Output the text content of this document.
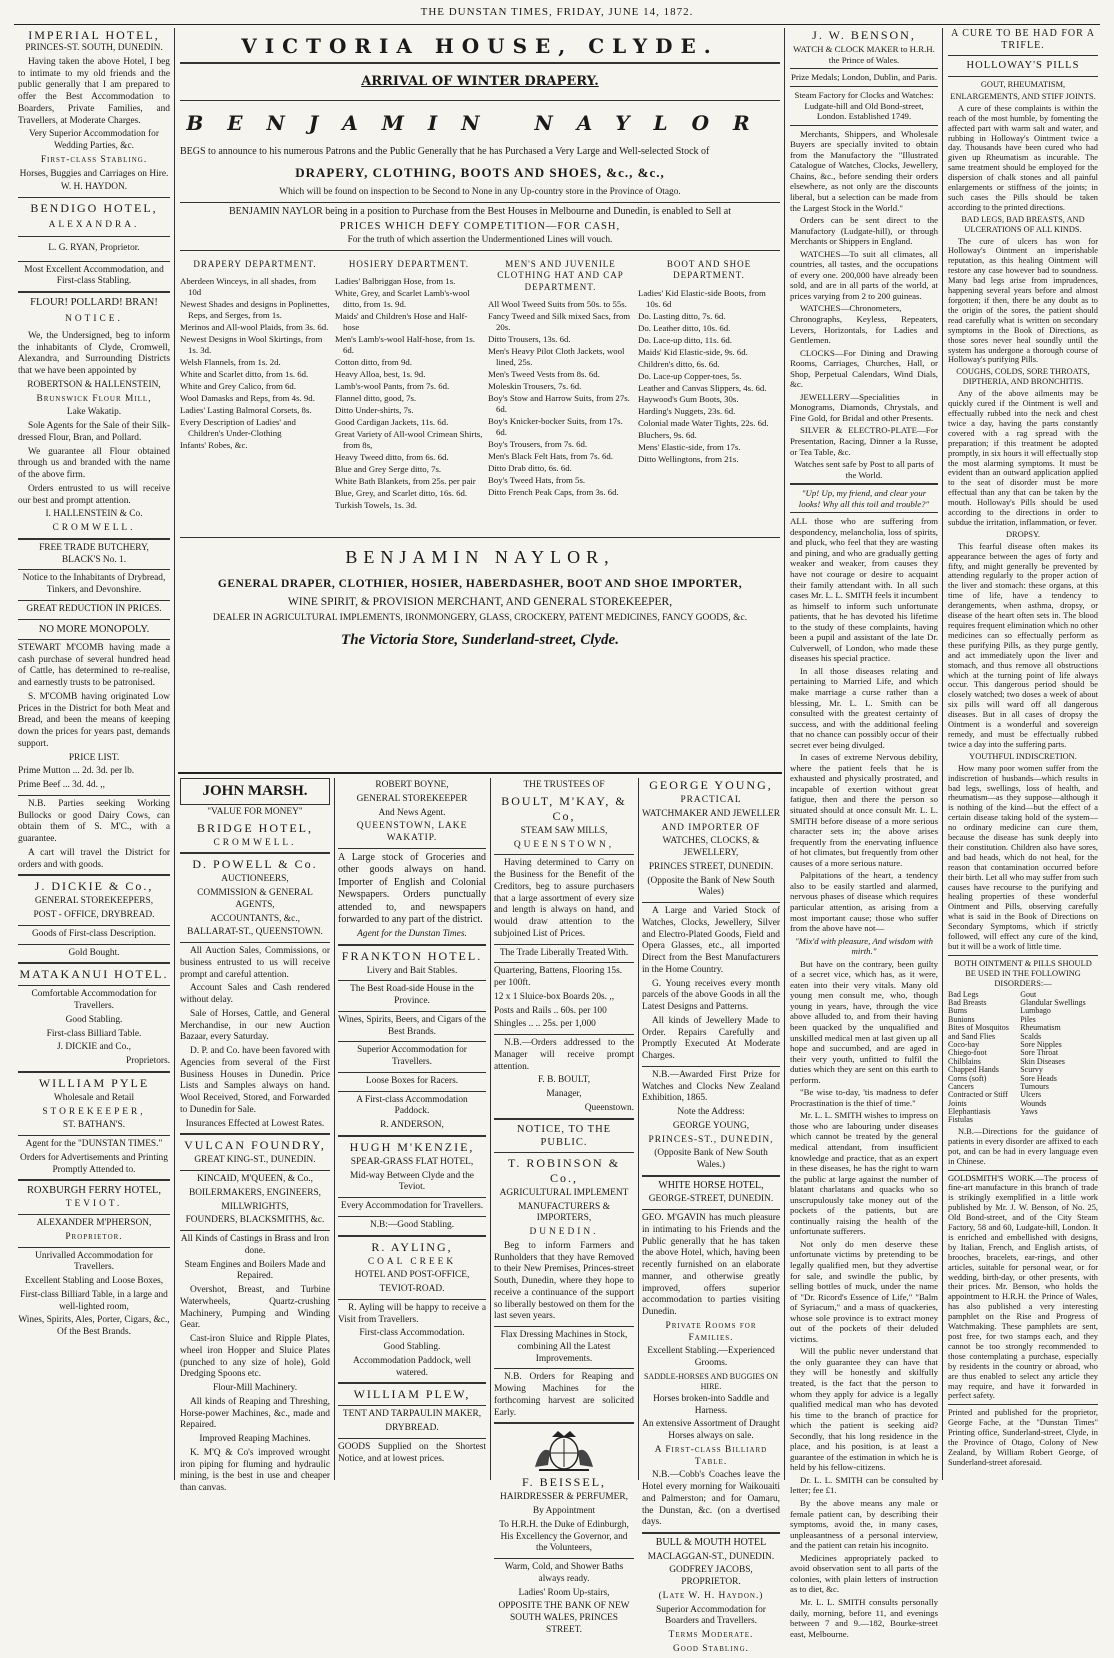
THE DUNSTAN TIMES, FRIDAY, JUNE 14, 1872.
IMPERIAL HOTEL,
PRINCES-ST. SOUTH, DUNEDIN.

Having taken the above Hotel, I beg to intimate to my old friends and the public generally that I am prepared to offer the Best Accommodation to Boarders, Private Families, and Travellers, at Moderate Charges.

Very Superior Accommodation for Wedding Parties, &c.

First-class Stabling.

Horses, Buggies and Carriages on Hire.

W. H. HAYDON.

BENDIGO HOTEL,
ALEXANDRA.

L. G. RYAN, Proprietor.

Most Excellent Accommodation, and First-class Stabling.

FLOUR! POLLARD! BRAN!
NOTICE.

We, the Undersigned, beg to inform the inhabitants of Clyde, Cromwell, Alexandra, and Surrounding Districts that we have been appointed by

ROBERTSON & HALLENSTEIN,

Brunswick Flour Mill,

Lake Wakatip.

Sole Agents for the Sale of their Silk-dressed Flour, Bran, and Pollard.

We guarantee all Flour obtained through us and branded with the name of the above firm.

Orders entrusted to us will receive our best and prompt attention.

I. HALLENSTEIN & Co.

CROMWELL.

FREE TRADE BUTCHERY,
BLACK'S No. 1.

Notice to the Inhabitants of Drybread, Tinkers, and Devonshire.

GREAT REDUCTION IN PRICES.

NO MORE MONOPOLY.

STEWART M'COMB having made a cash purchase of several hundred head of Cattle, has determined to re-realise, and earnestly trusts to be patronised.

S. M'COMB having originated Low Prices in the District for both Meat and Bread, and been the means of keeping down the prices for years past, demands support.

PRICE LIST.

Prime Mutton ... 2d. 3d. per lb.

Prime Beef ... 3d. 4d. ,,

N.B. Parties seeking Working Bullocks or good Dairy Cows, can obtain them of S. M'C., with a guarantee.

A cart will travel the District for orders and with goods.

J. DICKIE & Co.,

GENERAL STOREKEEPERS,

POST - OFFICE, DRYBREAD.

Goods of First-class Description.

Gold Bought.

MATAKANUI HOTEL.

Comfortable Accommodation for Travellers.

Good Stabling.

First-class Billiard Table.

J. DICKIE and Co.,

Proprietors.

WILLIAM PYLE

Wholesale and Retail

STOREKEEPER,

ST. BATHAN'S.

Agent for the "DUNSTAN TIMES."

Orders for Advertisements and Printing Promptly Attended to.

ROXBURGH FERRY HOTEL,

TEVIOT.

ALEXANDER M'PHERSON,

Proprietor.

Unrivalled Accommodation for Travellers.

Excellent Stabling and Loose Boxes,

First-class Billiard Table, in a large and well-lighted room,

Wines, Spirits, Ales, Porter, Cigars, &c., Of the Best Brands.

VICTORIA HOUSE, CLYDE.
ARRIVAL OF WINTER DRAPERY.
BENJAMIN NAYLOR

BEGS to announce to his numerous Patrons and the Public Generally that he has Purchased a Very Large and Well-selected Stock of

DRAPERY, CLOTHING, BOOTS AND SHOES, &c., &c.,

Which will be found on inspection to be Second to None in any Up-country store in the Province of Otago.

BENJAMIN NAYLOR being in a position to Purchase from the Best Houses in Melbourne and Dunedin, is enabled to Sell at

PRICES WHICH DEFY COMPETITION—FOR CASH,

For the truth of which assertion the Undermentioned Lines will vouch.

DRAPERY DEPARTMENT.
Aberdeen Winceys, in all shades, from 10d
Newest Shades and designs in Poplinettes, Reps, and Serges, from 1s.
Merinos and All-wool Plaids, from 3s. 6d.
Newest Designs in Wool Skirtings, from 1s. 3d.
Welsh Flannels, from 1s. 2d.
White and Scarlet ditto, from 1s. 6d.
White and Grey Calico, from 6d.
Wool Damasks and Reps, from 4s. 9d.
Ladies' Lasting Balmoral Corsets, 8s.
Every Description of Ladies' and Children's Under-Clothing
Infants' Robes, &c.
HOSIERY DEPARTMENT.
Ladies' Balbriggan Hose, from 1s.
White, Grey, and Scarlet Lamb's-wool ditto, from 1s. 9d.
Maids' and Children's Hose and Half-hose
Men's Lamb's-wool Half-hose, from 1s. 6d.
Cotton ditto, from 9d.
Heavy Alloa, best, 1s. 9d.
Lamb's-wool Pants, from 7s. 6d.
Flannel ditto, good, 7s.
Ditto Under-shirts, 7s.
Good Cardigan Jackets, 11s. 6d.
Great Variety of All-wool Crimean Shirts, from 8s,
Heavy Tweed ditto, from 6s. 6d.
Blue and Grey Serge ditto, 7s.
White Bath Blankets, from 25s. per pair
Blue, Grey, and Scarlet ditto, 16s. 6d.
Turkish Towels, 1s. 3d.
MEN'S AND JUVENILE CLOTHING HAT AND CAP DEPARTMENT.
All Wool Tweed Suits from 50s. to 55s.
Fancy Tweed and Silk mixed Sacs, from 20s.
Ditto Trousers, 13s. 6d.
Men's Heavy Pilot Cloth Jackets, wool lined, 25s.
Men's Tweed Vests from 8s. 6d.
Moleskin Trousers, 7s. 6d.
Boy's Stow and Harrow Suits, from 27s. 6d.
Boy's Knicker-bocker Suits, from 17s. 6d.
Boy's Trousers, from 7s. 6d.
Men's Black Felt Hats, from 7s. 6d.
Ditto Drab ditto, 6s. 6d.
Boy's Tweed Hats, from 5s.
Ditto French Peak Caps, from 3s. 6d.
BOOT AND SHOE DEPARTMENT.
Ladies' Kid Elastic-side Boots, from 10s. 6d
Do. Lasting ditto, 7s. 6d.
Do. Leather ditto, 10s. 6d.
Do. Lace-up ditto, 11s. 6d.
Maids' Kid Elastic-side, 9s. 6d.
Children's ditto, 6s. 6d.
Do. Lace-up Copper-toes, 5s.
Leather and Canvas Slippers, 4s. 6d.
Haywood's Gum Boots, 30s.
Harding's Nuggets, 23s. 6d.
Colonial made Water Tights, 22s. 6d.
Bluchers, 9s. 6d.
Mens' Elastic-side, from 17s.
Ditto Wellingtons, from 21s.
BENJAMIN NAYLOR,
GENERAL DRAPER, CLOTHIER, HOSIER, HABERDASHER, BOOT AND SHOE IMPORTER,
WINE SPIRIT, & PROVISION MERCHANT, AND GENERAL STOREKEEPER,
DEALER IN AGRICULTURAL IMPLEMENTS, IRONMONGERY, GLASS, CROCKERY, PATENT MEDICINES, FANCY GOODS, &c.
The Victoria Store, Sunderland-street, Clyde.
JOHN MARSH.

"VALUE FOR MONEY"

BRIDGE HOTEL,

CROMWELL.

D. POWELL & Co.

AUCTIONEERS,

COMMISSION & GENERAL AGENTS,

ACCOUNTANTS, &c.,

BALLARAT-ST., QUEENSTOWN.

All Auction Sales, Commissions, or business entrusted to us will receive prompt and careful attention.

Account Sales and Cash rendered without delay.

Sale of Horses, Cattle, and General Merchandise, in our new Auction Bazaar, every Saturday.

D. P. and Co. have been favored with Agencies from several of the First Business Houses in Dunedin. Price Lists and Samples always on hand. Wool Received, Stored, and Forwarded to Dunedin for Sale.

Insurances Effected at Lowest Rates.

VULCAN FOUNDRY,

GREAT KING-ST., DUNEDIN.

KINCAID, M'QUEEN, & Co.,

BOILERMAKERS, ENGINEERS,

MILLWRIGHTS,

FOUNDERS, BLACKSMITHS, &c.

All Kinds of Castings in Brass and Iron done.

Steam Engines and Boilers Made and Repaired.

Overshot, Breast, and Turbine Waterwheels, Quartz-crushing Machinery, Pumping and Winding Gear.

Cast-iron Sluice and Ripple Plates, wheel iron Hopper and Sluice Plates (punched to any size of hole), Gold Dredging Spoons etc.

Flour-Mill Machinery.

All kinds of Reaping and Threshing, Horse-power Machines, &c., made and Repaired.

Improved Reaping Machines.

K. M'Q & Co's improved wrought iron piping for fluming and hydraulic mining, is the best in use and cheaper than canvas.

ROBERT BOYNE,

GENERAL STOREKEEPER

And News Agent.

QUEENSTOWN, LAKE WAKATIP.

A Large stock of Groceries and other goods always on hand. Importer of English and Colonial Newspapers. Orders punctually attended to, and newspapers forwarded to any part of the district.

Agent for the Dunstan Times.

FRANKTON HOTEL.

Livery and Bait Stables.

The Best Road-side House in the Province.

Wines, Spirits, Beers, and Cigars of the Best Brands.

Superior Accommodation for Travellers.

Loose Boxes for Racers.

A First-class Accommodation Paddock.

R. ANDERSON,

HUGH M'KENZIE,

SPEAR-GRASS FLAT HOTEL,

Mid-way Between Clyde and the Teviot.

Every Accommodation for Travellers.

N.B:—Good Stabling.

R. AYLING,

COAL CREEK

HOTEL AND POST-OFFICE,

TEVIOT-ROAD.

R. Ayling will be happy to receive a Visit from Travellers.

First-class Accommodation.

Good Stabling.

Accommodation Paddock, well watered.

WILLIAM PLEW,

TENT AND TARPAULIN MAKER,

DRYBREAD.

GOODS Supplied on the Shortest Notice, and at lowest prices.

THE TRUSTEES OF

BOULT, M'KAY, & Co,

STEAM SAW MILLS,

QUEENSTOWN,

Having determined to Carry on the Business for the Benefit of the Creditors, beg to assure purchasers that a large assortment of every size and length is always on hand, and would draw attention to the subjoined List of Prices.

The Trade Liberally Treated With.

Quartering, Battens, Flooring 15s. per 100ft.

12 x 1 Sluice-box Boards 20s. ,,

Posts and Rails .. 60s. per 100

Shingles .. .. 25s. per 1,000

N.B.—Orders addressed to the Manager will receive prompt attention.

F. B. BOULT,

Manager,

Queenstown.

NOTICE, TO THE PUBLIC.
T. ROBINSON & Co.,

AGRICULTURAL IMPLEMENT

MANUFACTURERS & IMPORTERS,

DUNEDIN.

Beg to inform Farmers and Runholders that they have Removed to their New Premises, Princes-street South, Dunedin, where they hope to receive a continuance of the support so liberally bestowed on them for the last seven years.

Flax Dressing Machines in Stock, combining All the Latest Improvements.

N.B. Orders for Reaping and Mowing Machines for the forthcoming harvest are solicited Early.

F. BEISSEL,

HAIRDRESSER & PERFUMER,

By Appointment

To H.R.H. the Duke of Edinburgh, His Excellency the Governor, and the Volunteers,

Warm, Cold, and Shower Baths always ready.

Ladies' Room Up-stairs,

OPPOSITE THE BANK OF NEW SOUTH WALES, PRINCES STREET.

GEORGE YOUNG,

PRACTICAL

WATCHMAKER AND JEWELLER

AND IMPORTER OF

WATCHES, CLOCKS, & JEWELLERY,

PRINCES STREET, DUNEDIN.

(Opposite the Bank of New South Wales)

A Large and Varied Stock of Watches, Clocks, Jewellery, Silver and Electro-Plated Goods, Field and Opera Glasses, etc., all imported Direct from the Best Manufacturers in the Home Country.

G. Young receives every month parcels of the above Goods in all the Latest Designs and Patterns.

All kinds of Jewellery Made to Order. Repairs Carefully and Promptly Executed At Moderate Charges.

N.B.—Awarded First Prize for Watches and Clocks New Zealand Exhibition, 1865.

Note the Address:

GEORGE YOUNG,

PRINCES-ST., DUNEDIN,

(Opposite Bank of New South Wales.)

WHITE HORSE HOTEL,

GEORGE-STREET, DUNEDIN.

GEO. M'GAVIN has much pleasure in intimating to his Friends and the Public generally that he has taken the above Hotel, which, having been recently furnished on an elaborate manner, and otherwise greatly improved, offers superior accommodation to parties visiting Dunedin.

Private Rooms for Families.

Excellent Stabling.—Experienced Grooms.

SADDLE-HORSES AND BUGGIES ON HIRE.

Horses broken-into Saddle and Harness.

An extensive Assortment of Draught Horses always on sale.

A First-class Billiard Table.

N.B.—Cobb's Coaches leave the Hotel every morning for Waikouaiti and Palmerston; and for Oamaru, the Dunstan, &c. (on a dvertised days.

BULL & MOUTH HOTEL

MACLAGGAN-ST., DUNEDIN.

GODFREY JACOBS, PROPRIETOR.

(Late W. H. Haydon.)

Superior Accommodation for Boarders and Travellers.

Terms Moderate.

Good Stabling.

J. W. BENSON,

WATCH & CLOCK MAKER to H.R.H. the Prince of Wales.

Prize Medals; London, Dublin, and Paris.

Steam Factory for Clocks and Watches: Ludgate-hill and Old Bond-street, London. Established 1749.

Merchants, Shippers, and Wholesale Buyers are specially invited to obtain from the Manufactory the "Illustrated Catalogue of Watches, Clocks, Jewellery, Chains, &c., before sending their orders elsewhere, as not only are the discounts liberal, but a selection can be made from the Largest Stock in the World."

Orders can be sent direct to the Manufactory (Ludgate-hill), or through Merchants or Shippers in England.

WATCHES—To suit all climates, all countries, all tastes, and the occupations of every one. 200,000 have already been sold, and are in all parts of the world, at prices varying from 2 to 200 guineas.

WATCHES—Chronometers, Chronographs, Keyless, Repeaters, Levers, Horizontals, for Ladies and Gentlemen.

CLOCKS—For Dining and Drawing Rooms, Carriages, Churches, Hall, or Shop, Perpetual Calendars, Wind Dials, &c.

JEWELLERY—Specialities in Monograms, Diamonds, Chrystals, and Fine Gold, for Bridal and other Presents.

SILVER & ELECTRO-PLATE—For Presentation, Racing, Dinner a la Russe, or Tea Table, &c.

Watches sent safe by Post to all parts of the World.

"Up! Up, my friend, and clear your looks! Why all this toil and trouble?"

ALL those who are suffering from despondency, melancholia, loss of spirits, and pluck, who feel that they are wasting and pining, and who are gradually getting weaker and weaker, from causes they have not courage or desire to acquaint their family attendant with. In all such cases Mr. L. L. SMITH feels it incumbent as himself to inform such unfortunate patients, that he has devoted his lifetime to the study of these complaints, having been a pupil and assistant of the late Dr. Culverwell, of London, who made these diseases his special practice.

In all those diseases relating and pertaining to Married Life, and which make marriage a curse rather than a blessing, Mr. L. L. Smith can be consulted with the greatest certainty of success, and with the additional feeling that no chance can possibly occur of their secret ever being divulged.

In cases of extreme Nervous debility, where the patient feels that he is exhausted and physically prostrated, and incapable of exertion without great fatigue, then and there the person so situated should at once consult Mr. L. L. SMITH before disease of a more serious character sets in; the above arises frequently from the enervating influence of hot climates, but frequently from other causes of a more serious nature.

Palpitations of the heart, a tendency also to be easily startled and alarmed, nervous phases of disease which requires particular attention, as arising from a most important cause; those who suffer from the above have not—

"Mix'd with pleasure, And wisdom with mirth."

But have on the contrary, been guilty of a secret vice, which has, as it were, eaten into their very vitals. Many old young men consult me, who, though young in years, have, through the vice above alluded to, and from their having been quacked by the unqualified and unskilled medical men at last given up all hope and succumbed, and are aged in their very youth, unfitted to fulfil the duties which they are sent on this earth to perform.

"Be wise to-day, 'tis madness to defer Procrastination is the thief of time."

Mr. L. L. SMITH wishes to impress on those who are labouring under diseases which cannot be treated by the general medical attendant, from insufficient knowledge and practice, that as an expert in these diseases, he has the right to warn the public at large against the number of blatant charlatans and quacks who so unscrupulously take money out of the pockets of the patients, but are continually raising the health of the unfortunate sufferers.

Not only do men deserve these unfortunate victims by pretending to be legally qualified men, but they advertise for sale, and swindle the public, by selling bottles of muck, under the name of "Dr. Ricord's Essence of Life," "Balm of Syriacum," and a mass of quackeries, whose sole province is to extract money out of the pockets of their deluded victims.

Will the public never understand that the only guarantee they can have that they will be honestly and skilfully treated, is the fact that the person to whom they apply for advice is a legally qualified medical man who has devoted his time to the branch of practice for which the patient is seeking aid? Secondly, that his long residence in the place, and his position, is at least a guarantee of the estimation in which he is held by his fellow-citizens.

Dr. L. L. SMITH can be consulted by letter; fee £1.

By the above means any male or female patient can, by describing their symptoms, avoid the, in many cases, unpleasantness of a personal interview, and the patient can retain his incognito.

Medicines appropriately packed to avoid observation sent to all parts of the colonies, with plain letters of instruction as to diet, &c.

Mr. L. L. SMITH consults personally daily, morning, before 11, and evenings between 7 and 9.—182, Bourke-street east, Melbourne.

A CURE TO BE HAD FOR A TRIFLE.
HOLLOWAY'S PILLS

GOUT, RHEUMATISM,

ENLARGEMENTS, AND STIFF JOINTS.

A cure of these complaints is within the reach of the most humble, by fomenting the affected part with warm salt and water, and rubbing in Holloway's Ointment twice a day. Thousands have been cured who had given up Rheumatism as incurable. The same treatment should be employed for the dispersion of chalk stones and all painful enlargements or stiffness of the joints; in such cases the Pills should be taken according to the printed directions.

BAD LEGS, BAD BREASTS, AND ULCERATIONS OF ALL KINDS.

The cure of ulcers has won for Holloway's Ointment an imperishable reputation, as this healing Ointment will restore any case however bad to soundness. Many bad legs arise from imprudences, happening several years before and almost forgotten; if then, there be any doubt as to the origin of the sores, the patient should read carefully what is written on secondary symptoms in the Book of Directions, as those sores never heal soundly until the system has undergone a thorough course of Holloway's purifying Pills.

COUGHS, COLDS, SORE THROATS, DIPTHERIA, AND BRONCHITIS.

Any of the above ailments may be quickly cured if the Ointment is well and effectually rubbed into the neck and chest twice a day, having the parts constantly covered with a rag spread with the preparation; if this treatment be adopted promptly, in six hours it will effectually stop the most alarming symptoms. It must be evident than an outward application applied to the seat of disorder must be more effectual than any that can be taken by the mouth. Holloway's Pills should be used according to the directions in order to subdue the irritation, inflammation, or fever.

DROPSY.

This fearful disease often makes its appearance between the ages of forty and fifty, and might generally be prevented by attending regularly to the proper action of the liver and stomach: these organs, at this time of life, have a tendency to derangements, when asthma, dropsy, or disease of the heart often sets in. The blood requires frequent elimination which no other medicines can so effectually perform as these purifying Pills, as they purge gently, and act immediately upon the liver and stomach, and thus remove all obstructions which at the turning point of life always occur. This dangerous period should be closely watched; two doses a week of about six pills will ward off all dangerous diseases. But in all cases of dropsy the Ointment is a wonderful and sovereign remedy, and must be effectually rubbed twice a day into the suffering parts.

YOUTHFUL INDISCRETION.

How many poor women suffer from the indiscretion of husbands—which results in bad legs, swellings, loss of health, and rheumatism—as they suppose—although it is nothing of the kind—but the effect of a certain disease taking hold of the system—no ordinary medicine can cure them, because the disease has sunk deeply into their constitution. Children also have sores, and bad heads, which do not heal, for the reason that contamination occurred before their birth. Let all who may suffer from such causes have recourse to the purifying and healing properties of these wonderful Ointment and Pills, observing carefully what is said in the Book of Directions on Secondary Symptoms, which if strictly followed, will effect any cure of the kind, but it will be a work of little time.

BOTH OINTMENT & PILLS SHOULD BE USED IN THE FOLLOWING DISORDERS:—

Bad Legs	Gout
Bad Breasts	Glandular Swellings
Burns	Lumbago
Bunions	Piles
Bites of Mosquitos	Rheumatism
and Sand Flies	Scalds
Coco-bay	Sore Nipples
Chiego-foot	Sore Throat
Chilblains	Skin Diseases
Chapped Hands	Scurvy
Corns (soft)	Sore Heads
Cancers	Tumours
Contracted or Stiff	Ulcers
Joints	Wounds
Elephantiasis	Yaws
Fistulas	

N.B.—Directions for the guidance of patients in every disorder are affixed to each pot, and can be had in every language even in Chinese.

GOLDSMITH'S WORK.—The process of fine-art manufacture in this branch of trade is strikingly exemplified in a little work published by Mr. J. W. Benson, of No. 25, Old Bond-street, and of the City Steam Factory, 58 and 60, Ludgate-hill, London. It is enriched and embellished with designs, by Italian, French, and English artists, of brooches, bracelets, ear-rings, and other articles, suitable for personal wear, or for wedding, birth-day, or other presents, with their prices. Mr. Benson, who holds the appointment to H.R.H. the Prince of Wales, has also published a very interesting pamphlet on the Rise and Progress of Watchmaking. These pamphlets are sent, post free, for two stamps each, and they cannot be too strongly recommended to those contemplating a purchase, especially by residents in the country or abroad, who are thus enabled to select any article they may require, and have it forwarded in perfect safety.

Printed and published for the proprietor, George Fache, at the "Dunstan Times" Printing office, Sunderland-street, Clyde, in the Province of Otago, Colony of New Zealand, by William Robert George, of Sunderland-street aforesaid.
